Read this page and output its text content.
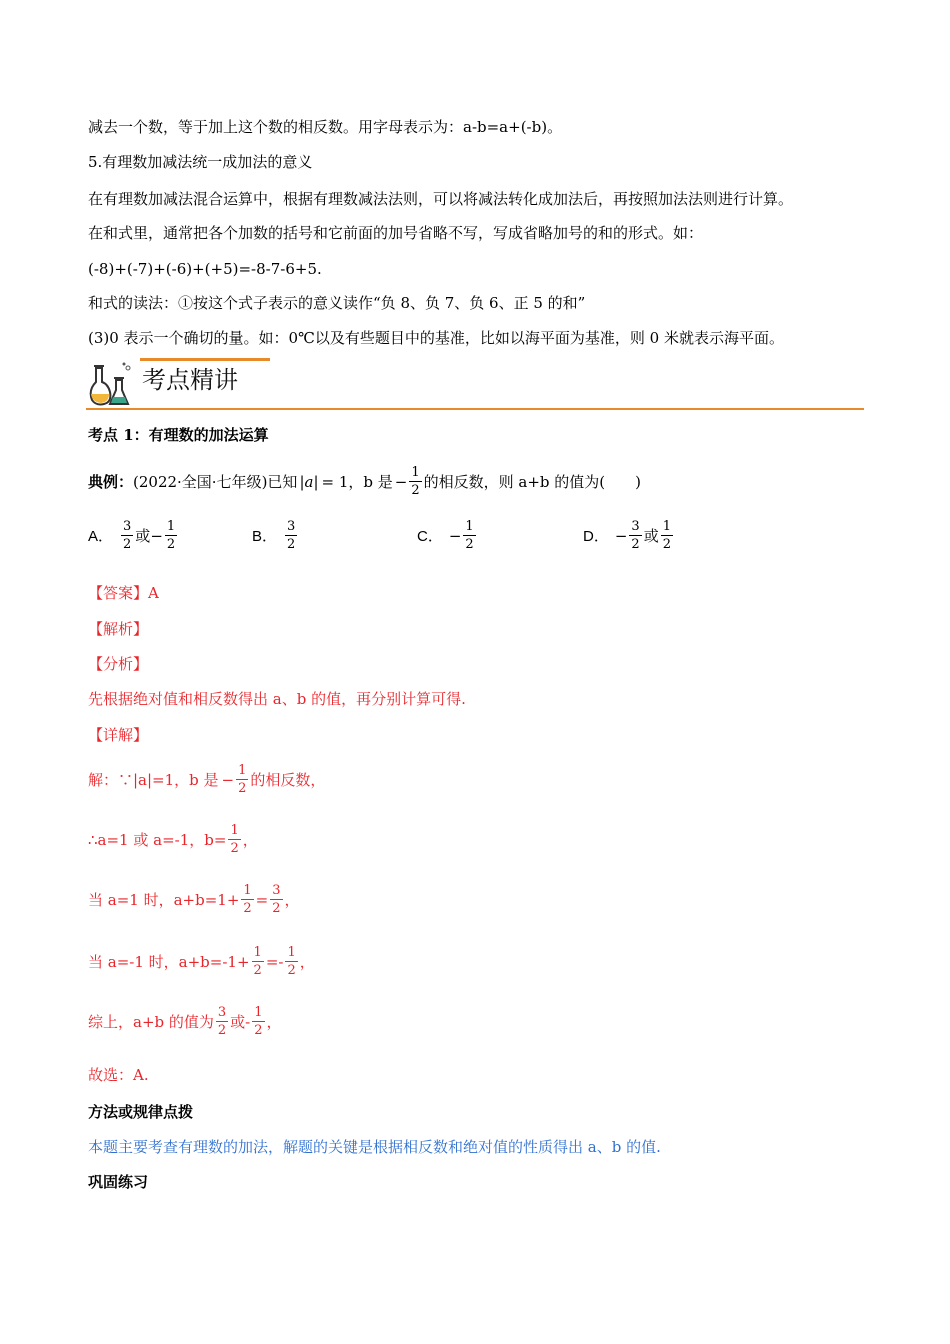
减去一个数，等于加上这个数的相反数。用字母表示为：a-b=a+(-b)。
5.有理数加减法统一成加法的意义
在有理数加减法混合运算中，根据有理数减法法则，可以将减法转化成加法后，再按照加法法则进行计算。
在和式里，通常把各个加数的括号和它前面的加号省略不写，写成省略加号的和的形式。如：
(-8)+(-7)+(-6)+(+5)=-8-7-6+5.
和式的读法：①按这个式子表示的意义读作“负 8、负 7、负 6、正 5 的和”
(3)0 表示一个确切的量。如：0℃以及有些题目中的基准，比如以海平面为基准，则 0 米就表示海平面。
考点精讲
考点 1：有理数的加法运算
典例： (2022·全国·七年级)已知 |a| = 1 ，b 是 − $\frac{1}{2}$ 的相反数，则 a+b 的值为(　　)
A． $\frac{3}{2}$ 或 − $\frac{1}{2}$	B． $\frac{3}{2}$	C． − $\frac{1}{2}$	D． − $\frac{3}{2}$ 或 $\frac{1}{2}$
【答案】A
【解析】
【分析】
先根据绝对值和相反数得出 a、b 的值，再分别计算可得.
【详解】
解：∵|a|=1，b 是 − $\frac{1}{2}$ 的相反数，
∴a=1 或 a=-1，$b= \frac{1}{2}$ ，
当 a=1 时，$a+b=1+ \frac{1}{2} = \frac{3}{2}$ ，
当 a=-1 时，$a+b=-1+ \frac{1}{2} =- \frac{1}{2}$ ，
综上，a+b 的值为 $\frac{3}{2}$ 或- $\frac{1}{2}$ ，
故选：A.
方法或规律点拨
本题主要考查有理数的加法，解题的关键是根据相反数和绝对值的性质得出 a、b 的值.
巩固练习
